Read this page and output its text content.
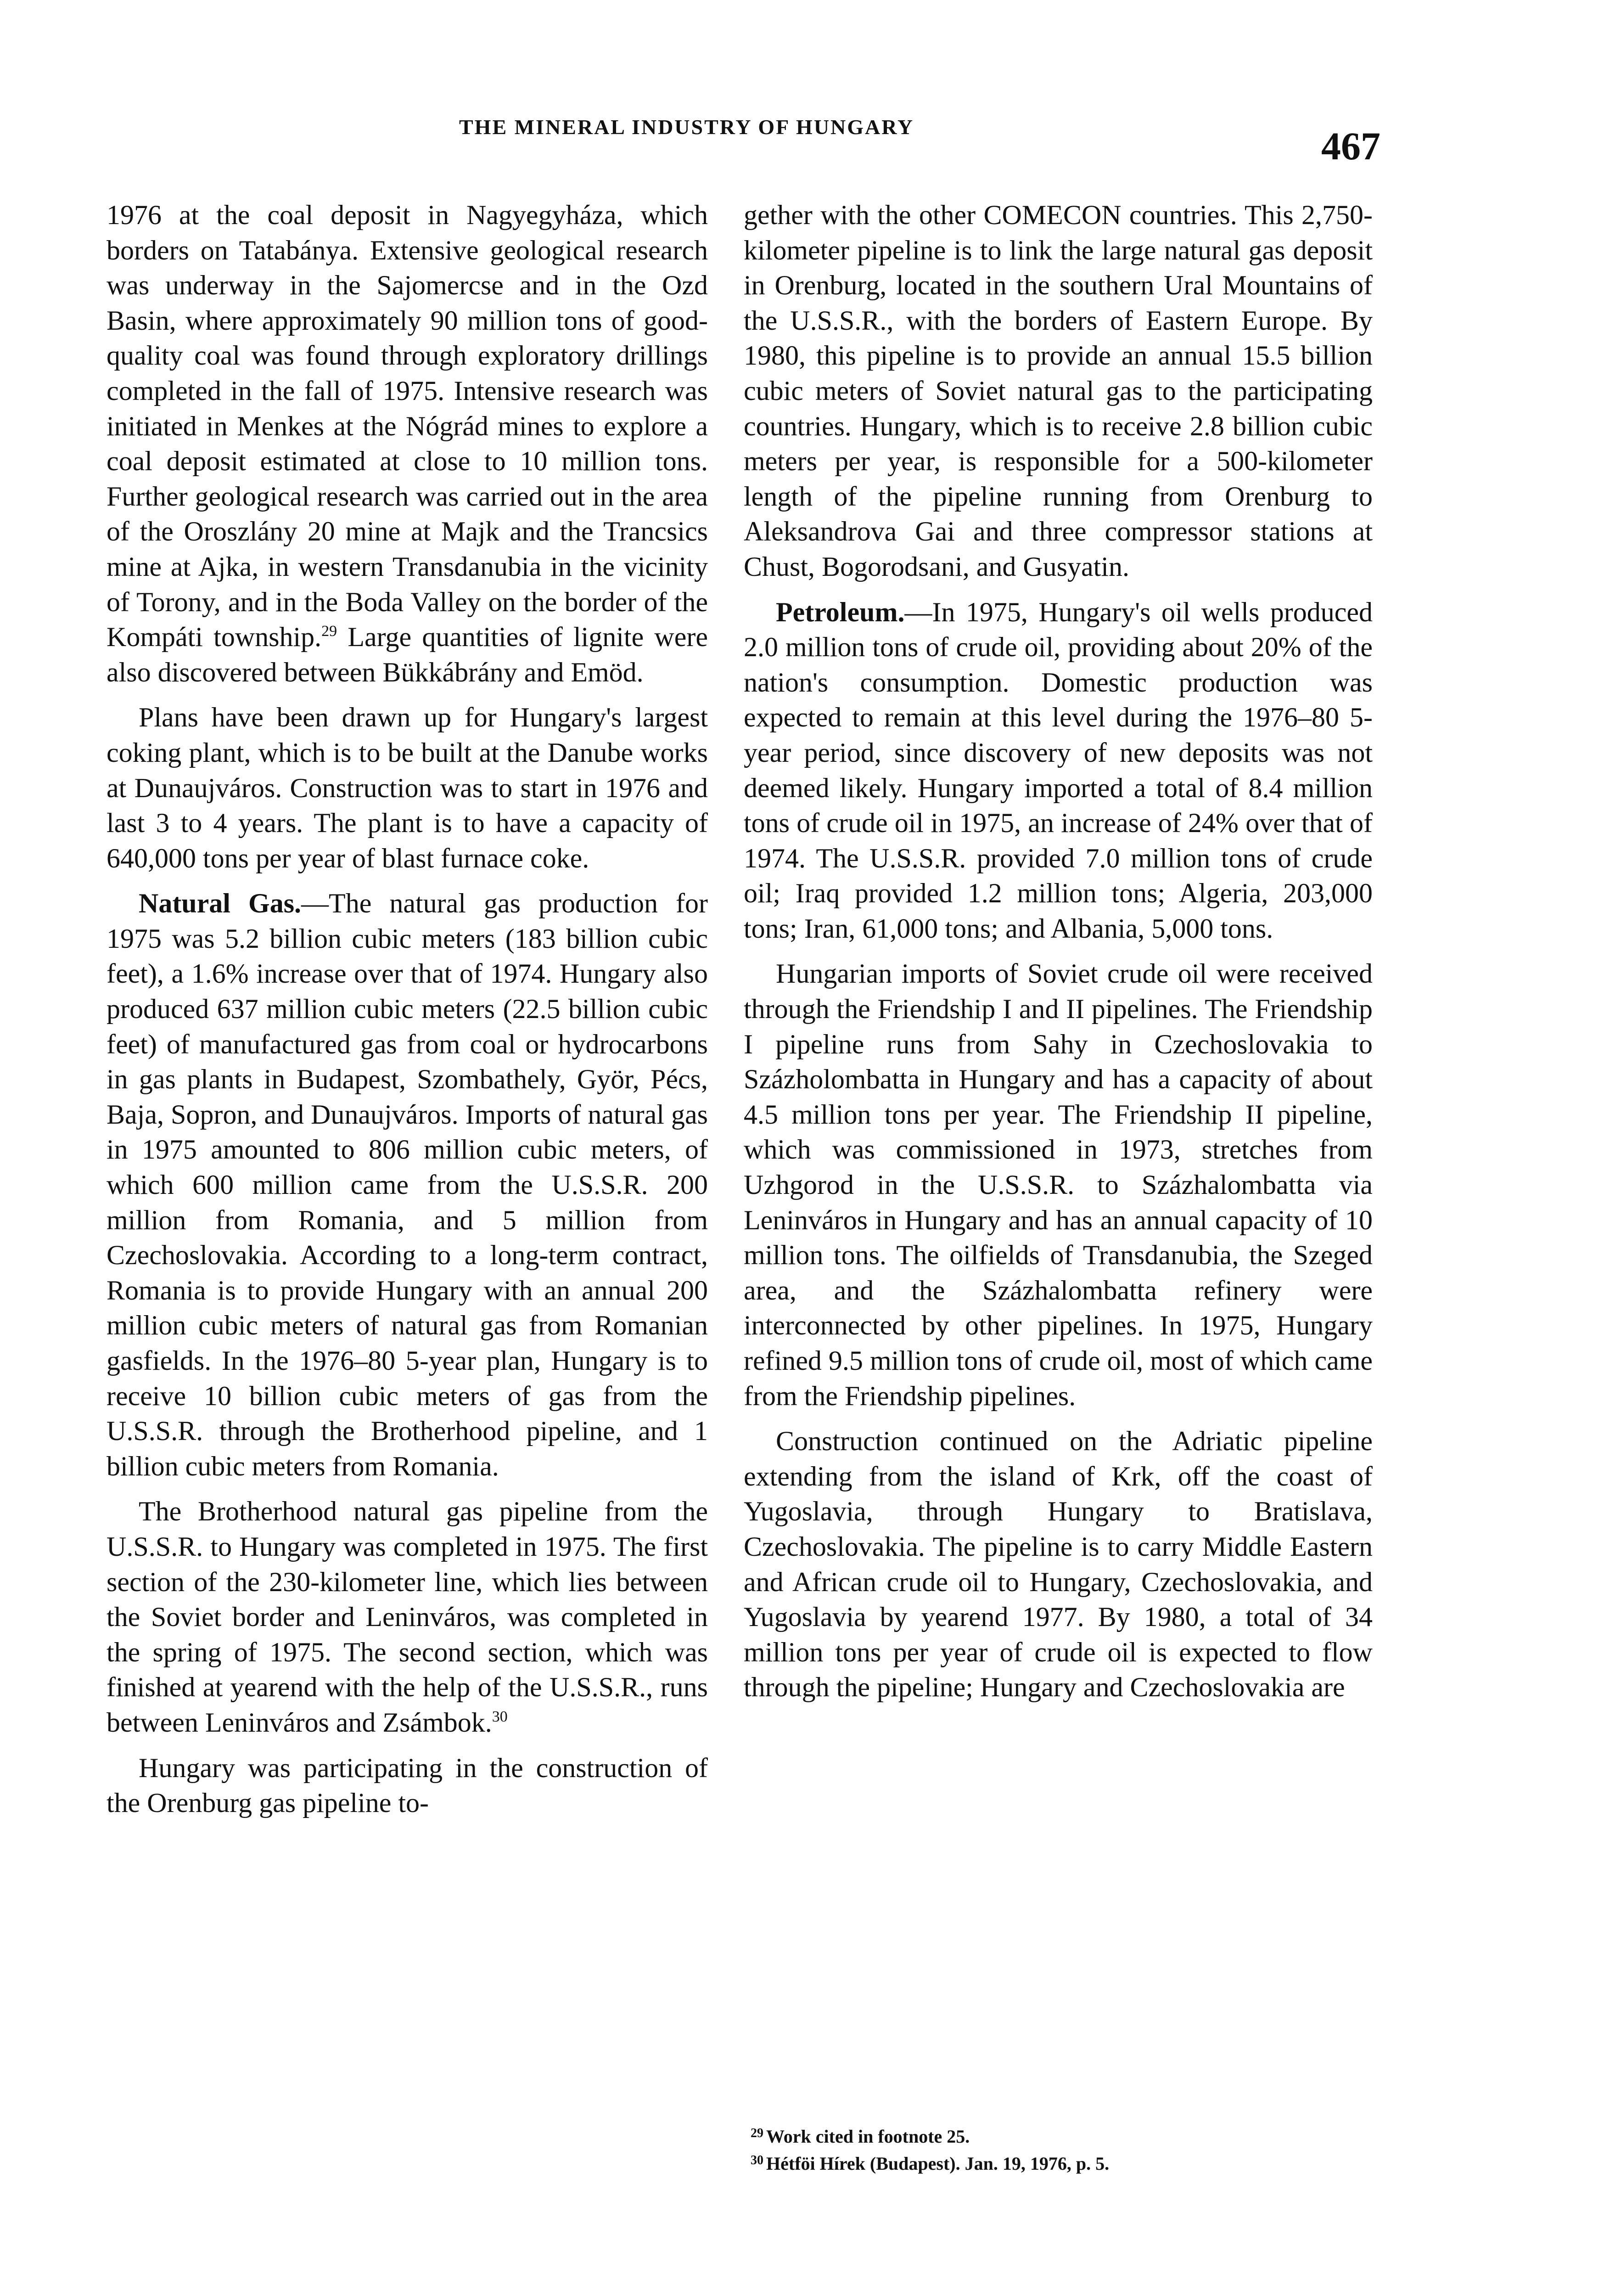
THE MINERAL INDUSTRY OF HUNGARY	467

1976 at the coal deposit in Nagyegyháza, which borders on Tatabánya. Extensive geological research was underway in the Sajomercse and in the Ozd Basin, where approximately 90 million tons of good-quality coal was found through exploratory drillings completed in the fall of 1975. Intensive research was initiated in Menkes at the Nógrád mines to explore a coal deposit estimated at close to 10 million tons. Further geological research was carried out in the area of the Oroszlány 20 mine at Majk and the Trancsics mine at Ajka, in western Transdanubia in the vicinity of Torony, and in the Boda Valley on the border of the Kompáti township.$^{29}$ Large quantities of lignite were also discovered between Bükkábrány and Emöd.

Plans have been drawn up for Hungary's largest coking plant, which is to be built at the Danube works at Dunaujváros. Construction was to start in 1976 and last 3 to 4 years. The plant is to have a capacity of 640,000 tons per year of blast furnace coke.

Natural Gas.—The natural gas production for 1975 was 5.2 billion cubic meters (183 billion cubic feet), a 1.6% increase over that of 1974. Hungary also produced 637 million cubic meters (22.5 billion cubic feet) of manufactured gas from coal or hydrocarbons in gas plants in Budapest, Szombathely, Györ, Pécs, Baja, Sopron, and Dunaujváros. Imports of natural gas in 1975 amounted to 806 million cubic meters, of which 600 million came from the U.S.S.R. 200 million from Romania, and 5 million from Czechoslovakia. According to a long-term contract, Romania is to provide Hungary with an annual 200 million cubic meters of natural gas from Romanian gasfields. In the 1976–80 5-year plan, Hungary is to receive 10 billion cubic meters of gas from the U.S.S.R. through the Brotherhood pipeline, and 1 billion cubic meters from Romania.

The Brotherhood natural gas pipeline from the U.S.S.R. to Hungary was completed in 1975. The first section of the 230-kilometer line, which lies between the Soviet border and Leninváros, was completed in the spring of 1975. The second section, which was finished at yearend with the help of the U.S.S.R., runs between Leninváros and Zsámbok.$^{30}$

Hungary was participating in the construction of the Orenburg gas pipeline to-

gether with the other COMECON countries. This 2,750-kilometer pipeline is to link the large natural gas deposit in Orenburg, located in the southern Ural Mountains of the U.S.S.R., with the borders of Eastern Europe. By 1980, this pipeline is to provide an annual 15.5 billion cubic meters of Soviet natural gas to the participating countries. Hungary, which is to receive 2.8 billion cubic meters per year, is responsible for a 500-kilometer length of the pipeline running from Orenburg to Aleksandrova Gai and three compressor stations at Chust, Bogorodsani, and Gusyatin.

Petroleum.—In 1975, Hungary's oil wells produced 2.0 million tons of crude oil, providing about 20% of the nation's consumption. Domestic production was expected to remain at this level during the 1976–80 5-year period, since discovery of new deposits was not deemed likely. Hungary imported a total of 8.4 million tons of crude oil in 1975, an increase of 24% over that of 1974. The U.S.S.R. provided 7.0 million tons of crude oil; Iraq provided 1.2 million tons; Algeria, 203,000 tons; Iran, 61,000 tons; and Albania, 5,000 tons.

Hungarian imports of Soviet crude oil were received through the Friendship I and II pipelines. The Friendship I pipeline runs from Sahy in Czechoslovakia to Százholombatta in Hungary and has a capacity of about 4.5 million tons per year. The Friendship II pipeline, which was commissioned in 1973, stretches from Uzhgorod in the U.S.S.R. to Százhalombatta via Leninváros in Hungary and has an annual capacity of 10 million tons. The oilfields of Transdanubia, the Szeged area, and the Százhalombatta refinery were interconnected by other pipelines. In 1975, Hungary refined 9.5 million tons of crude oil, most of which came from the Friendship pipelines.

Construction continued on the Adriatic pipeline extending from the island of Krk, off the coast of Yugoslavia, through Hungary to Bratislava, Czechoslovakia. The pipeline is to carry Middle Eastern and African crude oil to Hungary, Czechoslovakia, and Yugoslavia by yearend 1977. By 1980, a total of 34 million tons per year of crude oil is expected to flow through the pipeline; Hungary and Czechoslovakia are

$^{29}$ Work cited in footnote 25.
$^{30}$ Hétföi Hírek (Budapest). Jan. 19, 1976, p. 5.
